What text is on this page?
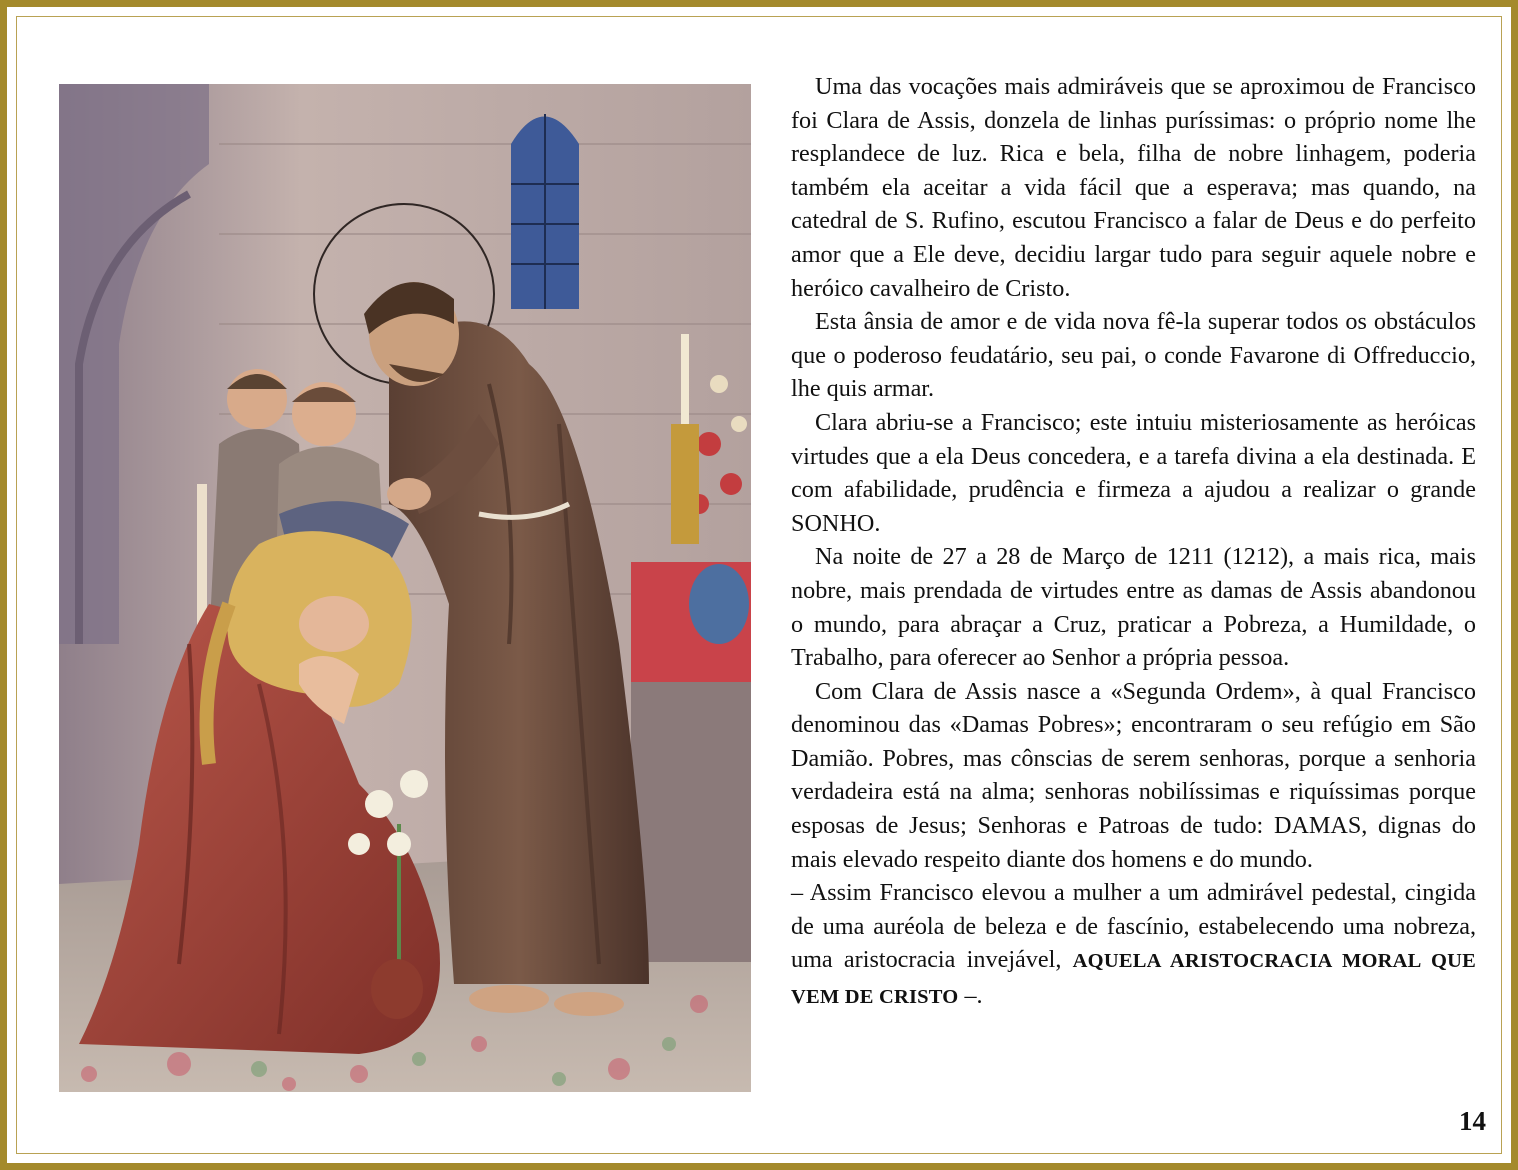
Uma das vocações mais admiráveis que se aproximou de Francisco foi Clara de Assis, donzela de linhas puríssimas: o próprio nome lhe resplandece de luz. Rica e bela, filha de nobre linhagem, poderia também ela aceitar a vida fácil que a esperava; mas quando, na catedral de S. Rufino, escutou Francisco a falar de Deus e do perfeito amor que a Ele deve, decidiu largar tudo para seguir aquele nobre e heróico cavalheiro de Cristo.

Esta ânsia de amor e de vida nova fê-la superar todos os obstáculos que o poderoso feudatário, seu pai, o conde Favarone di Offreduccio, lhe quis armar.

Clara abriu-se a Francisco; este intuiu misteriosamente as heróicas virtudes que a ela Deus concedera, e a tarefa divina a ela destinada. E com afabilidade, prudência e firmeza a ajudou a realizar o grande SONHO.

Na noite de 27 a 28 de Março de 1211 (1212), a mais rica, mais nobre, mais prendada de virtudes entre as damas de Assis abandonou o mundo, para abraçar a Cruz, praticar a Pobreza, a Humildade, o Trabalho, para oferecer ao Senhor a própria pessoa.

Com Clara de Assis nasce a «Segunda Ordem», à qual Francisco denominou das «Damas Pobres»; encontraram o seu refúgio em São Damião. Pobres, mas cônscias de serem senhoras, porque a senhoria verdadeira está na alma; senhoras nobilíssimas e riquíssimas porque esposas de Jesus; Senhoras e Patroas de tudo: DAMAS, dignas do mais elevado respeito diante dos homens e do mundo.

– Assim Francisco elevou a mulher a um admirável pedestal, cingida de uma auréola de beleza e de fascínio, estabelecendo uma nobreza, uma aristocracia invejável, AQUELA ARISTOCRACIA MORAL QUE VEM DE CRISTO –.

14
